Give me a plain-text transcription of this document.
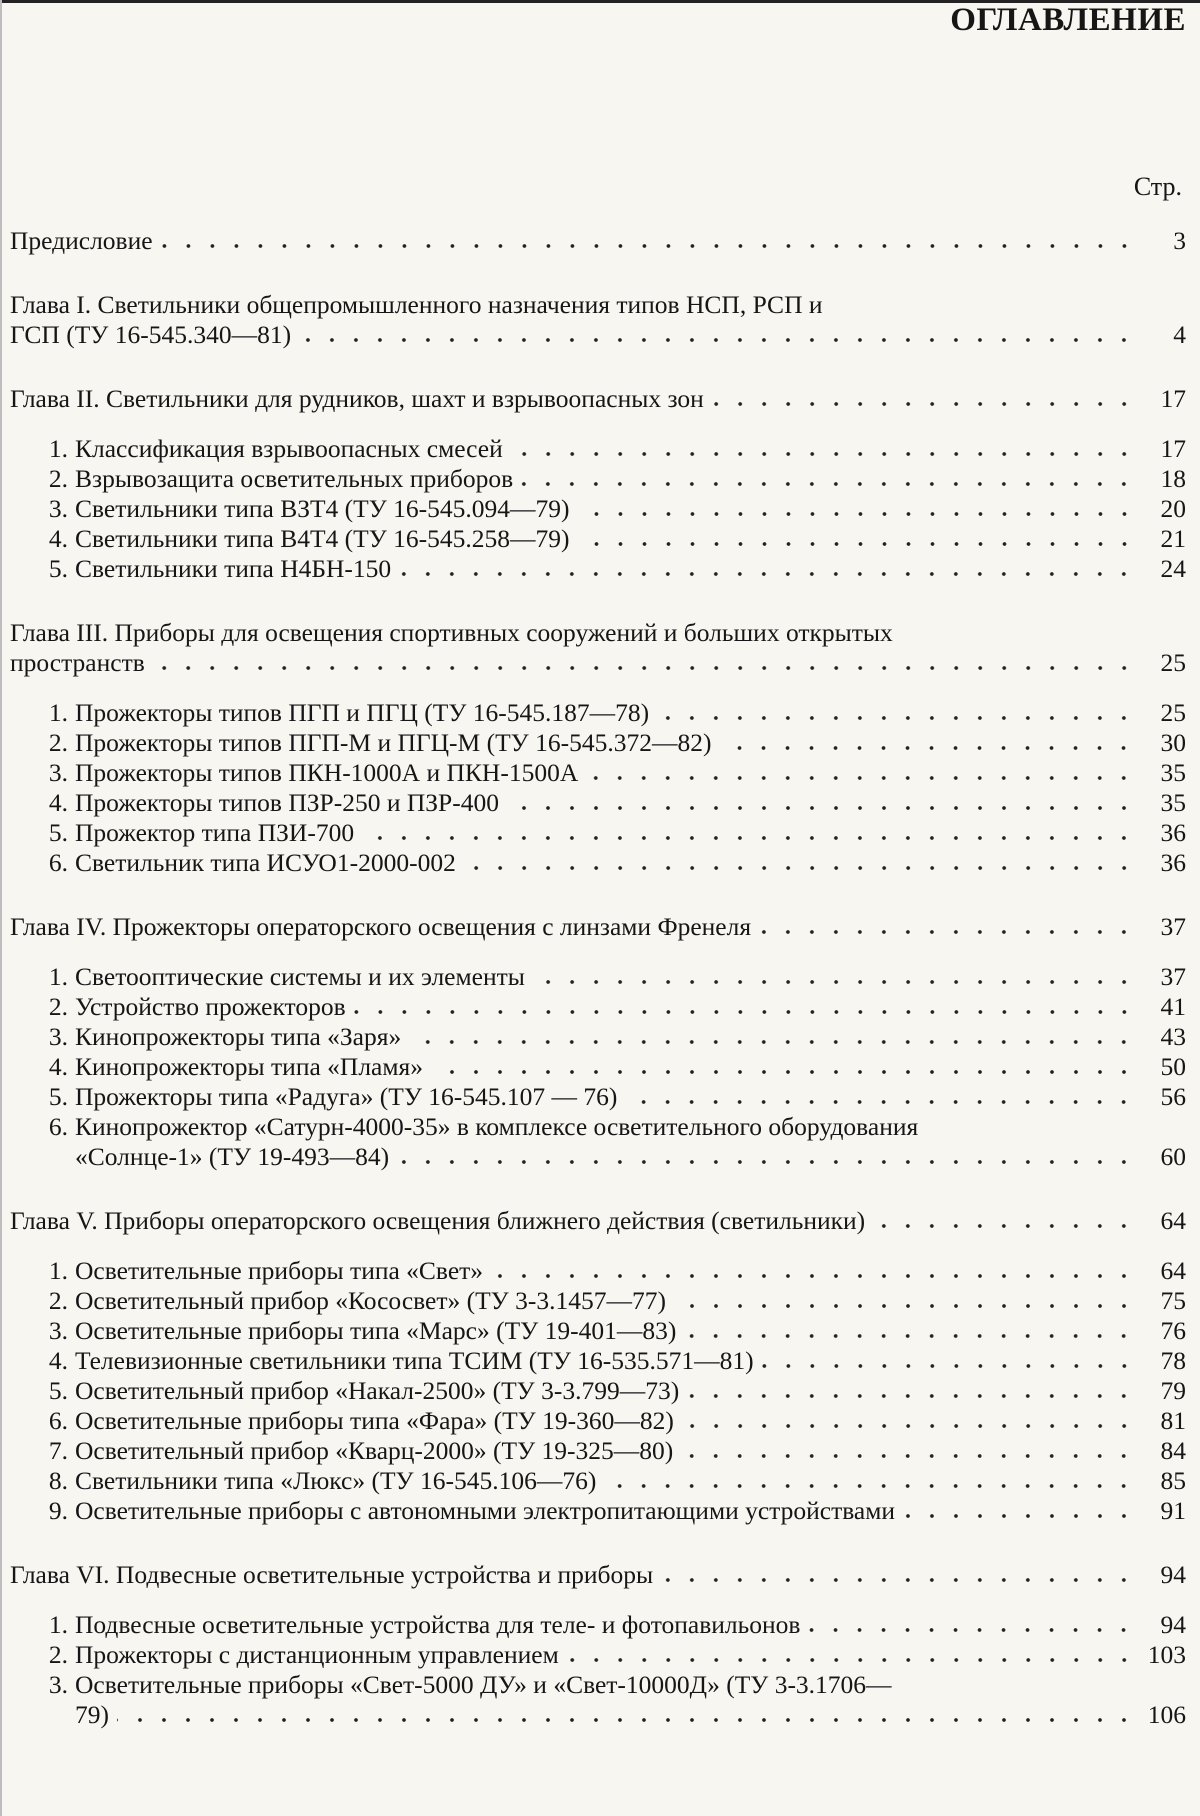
ОГЛАВЛЕНИЕ
Стр.
Предисловие	3
Глава I. Светильники общепромышленного назначения типов НСП, РСП и
ГСП (ТУ 16-545.340—81)	4
Глава II. Светильники для рудников, шахт и взрывоопасных зон	17
1. Классификация взрывоопасных смесей	17
2. Взрывозащита осветительных приборов	18
3. Светильники типа ВЗТ4 (ТУ 16-545.094—79)	20
4. Светильники типа В4Т4 (ТУ 16-545.258—79)	21
5. Светильники типа Н4БН-150	24
Глава III. Приборы для освещения спортивных сооружений и больших открытых
пространств	25
1. Прожекторы типов ПГП и ПГЦ (ТУ 16-545.187—78)	25
2. Прожекторы типов ПГП-М и ПГЦ-М (ТУ 16-545.372—82)	30
3. Прожекторы типов ПКН-1000А и ПКН-1500А	35
4. Прожекторы типов ПЗР-250 и ПЗР-400	35
5. Прожектор типа ПЗИ-700	36
6. Светильник типа ИСУО1-2000-002	36
Глава IV. Прожекторы операторского освещения с линзами Френеля	37
1. Светооптические системы и их элементы	37
2. Устройство прожекторов	41
3. Кинопрожекторы типа «Заря»	43
4. Кинопрожекторы типа «Пламя»	50
5. Прожекторы типа «Радуга» (ТУ 16-545.107 — 76)	56
6. Кинопрожектор «Сатурн-4000-35» в комплексе осветительного оборудования
«Солнце-1» (ТУ 19-493—84)	60
Глава V. Приборы операторского освещения ближнего действия (светильники)	64
1. Осветительные приборы типа «Свет»	64
2. Осветительный прибор «Кососвет» (ТУ 3-3.1457—77)	75
3. Осветительные приборы типа «Марс» (ТУ 19-401—83)	76
4. Телевизионные светильники типа ТСИМ (ТУ 16-535.571—81)	78
5. Осветительный прибор «Накал-2500» (ТУ 3-3.799—73)	79
6. Осветительные приборы типа «Фара» (ТУ 19-360—82)	81
7. Осветительный прибор «Кварц-2000» (ТУ 19-325—80)	84
8. Светильники типа «Люкс» (ТУ 16-545.106—76)	85
9. Осветительные приборы с автономными электропитающими устройствами	91
Глава VI. Подвесные осветительные устройства и приборы	94
1. Подвесные осветительные устройства для теле- и фотопавильонов	94
2. Прожекторы с дистанционным управлением	103
3. Осветительные приборы «Свет-5000 ДУ» и «Свет-10000Д» (ТУ 3-3.1706—
79)	106
